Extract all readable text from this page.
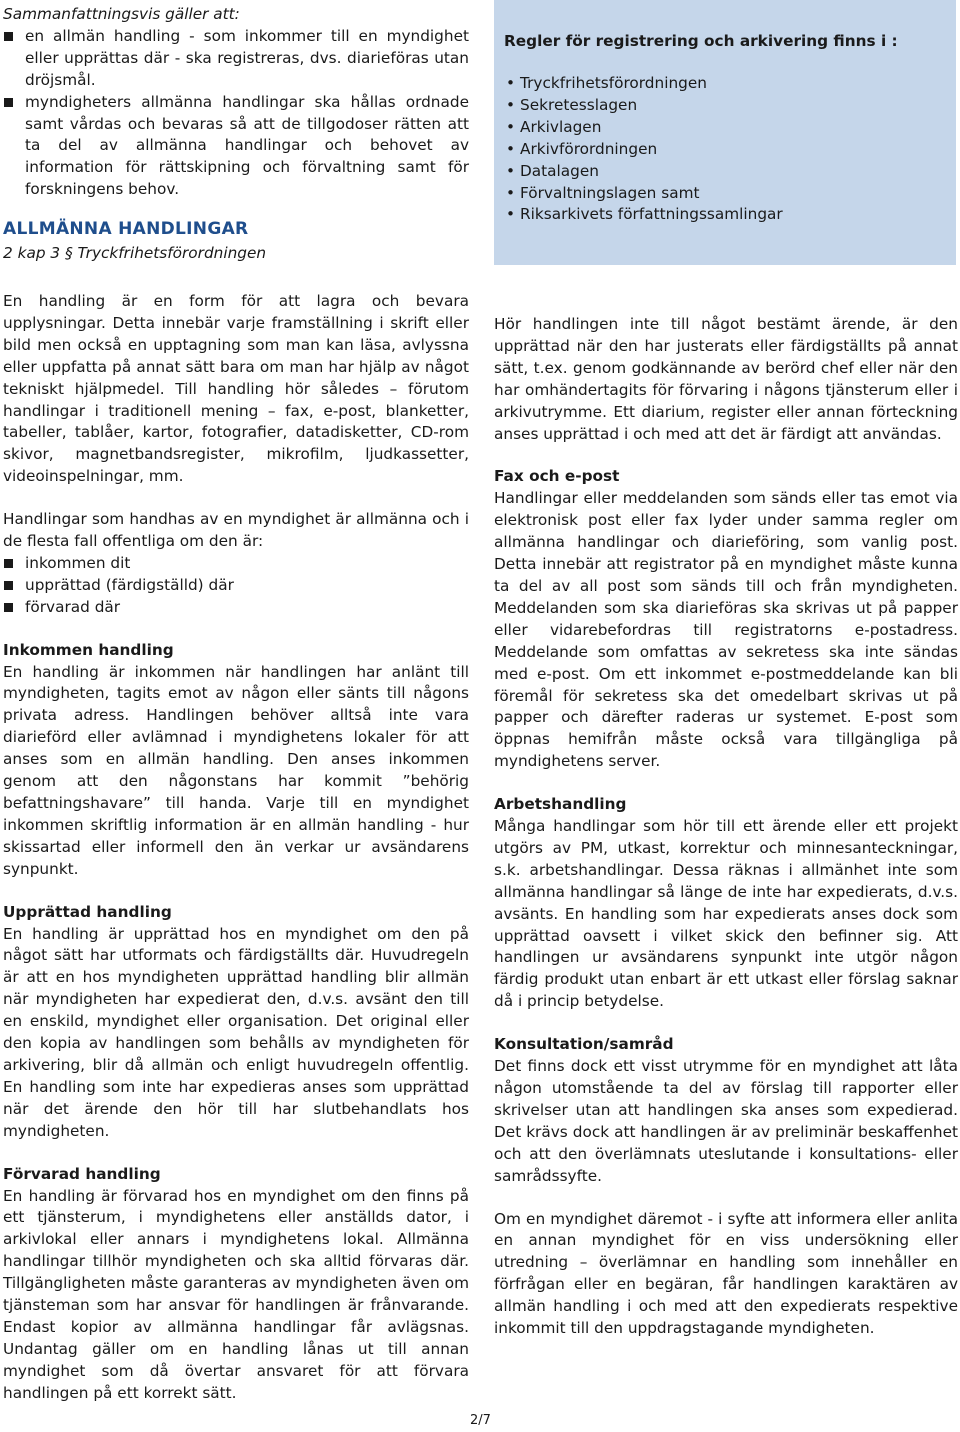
Sammanfattningsvis gäller att:

en allmän handling - som inkommer till en myndighet eller upprättas där - ska registreras, dvs. diarieföras utan dröjsmål.
myndigheters allmänna handlingar ska hållas ordnade samt vårdas och bevaras så att de tillgodoser rätten att ta del av allmänna handlingar och behovet av information för rättskipning och förvaltning samt för forskningens behov.
ALLMÄNNA HANDLINGAR
2 kap 3 § Tryckfrihetsförordningen

En handling är en form för att lagra och bevara upplysningar. Detta innebär varje framställning i skrift eller bild men också en upptagning som man kan läsa, avlyssna eller uppfatta på annat sätt bara om man har hjälp av något tekniskt hjälpmedel. Till handling hör således – förutom handlingar i traditionell mening – fax, e-post, blanketter, tabeller, tablåer, kartor, fotografier, datadisketter, CD-rom skivor, magnetbandsregister, mikrofilm, ljudkassetter, videoinspelningar, mm.

Handlingar som handhas av en myndighet är allmänna och i de flesta fall offentliga om den är:

inkommen dit
upprättad (färdigställd) där
förvarad där

Inkommen handling

En handling är inkommen när handlingen har anlänt till myndigheten, tagits emot av någon eller sänts till någons privata adress. Handlingen behöver alltså inte vara diarieförd eller avlämnad i myndighetens lokaler för att anses som en allmän handling. Den anses inkommen genom att den någonstans har kommit ”behörig befattningshavare” till handa. Varje till en myndighet inkommen skriftlig information är en allmän handling - hur skissartad eller informell den än verkar ur avsändarens synpunkt.

Upprättad handling

En handling är upprättad hos en myndighet om den på något sätt har utformats och färdigställts där. Huvudregeln är att en hos myndigheten upprättad handling blir allmän när myndigheten har expedierat den, d.v.s. avsänt den till en enskild, myndighet eller organisation. Det original eller den kopia av handlingen som behålls av myndigheten för arkivering, blir då allmän och enligt huvudregeln offentlig. En handling som inte har expedieras anses som upprättad när det ärende den hör till har slutbehandlats hos myndigheten.

Förvarad handling

En handling är förvarad hos en myndighet om den finns på ett tjänsterum, i myndighetens eller anställds dator, i arkivlokal eller annars i myndighetens lokal. Allmänna handlingar tillhör myndigheten och ska alltid förvaras där. Tillgängligheten måste garanteras av myndigheten även om tjänsteman som har ansvar för handlingen är frånvarande. Endast kopior av allmänna handlingar får avlägsnas. Undantag gäller om en handling lånas ut till annan myndighet som då övertar ansvaret för att förvara handlingen på ett korrekt sätt.

Regler för registrering och arkivering finns i :
• Tryckfrihetsförordningen
• Sekretesslagen
• Arkivlagen
• Arkivförordningen
• Datalagen
• Förvaltningslagen samt
• Riksarkivets författningssamlingar

Hör handlingen inte till något bestämt ärende, är den upprättad när den har justerats eller färdigställts på annat sätt, t.ex. genom godkännande av berörd chef eller när den har omhändertagits för förvaring i någons tjänsterum eller i arkivutrymme. Ett diarium, register eller annan förteckning anses upprättad i och med att det är färdigt att användas.

Fax och e-post

Handlingar eller meddelanden som sänds eller tas emot via elektronisk post eller fax lyder under samma regler om allmänna handlingar och diarieföring, som vanlig post. Detta innebär att registrator på en myndighet måste kunna ta del av all post som sänds till och från myndigheten. Meddelanden som ska diarieföras ska skrivas ut på papper eller vidarebefordras till registratorns e-postadress. Meddelande som omfattas av sekretess ska inte sändas med e-post. Om ett inkommet e-postmeddelande kan bli föremål för sekretess ska det omedelbart skrivas ut på papper och därefter raderas ur systemet. E-post som öppnas hemifrån måste också vara tillgängliga på myndighetens server.

Arbetshandling

Många handlingar som hör till ett ärende eller ett projekt utgörs av PM, utkast, korrektur och minnesanteckningar, s.k. arbetshandlingar. Dessa räknas i allmänhet inte som allmänna handlingar så länge de inte har expedierats, d.v.s. avsänts. En handling som har expedierats anses dock som upprättad oavsett i vilket skick den befinner sig. Att handlingen ur avsändarens synpunkt inte utgör någon färdig produkt utan enbart är ett utkast eller förslag saknar då i princip betydelse.

Konsultation/samråd

Det finns dock ett visst utrymme för en myndighet att låta någon utomstående ta del av förslag till rapporter eller skrivelser utan att handlingen ska anses som expedierad. Det krävs dock att handlingen är av preliminär beskaffenhet och att den överlämnats uteslutande i konsultations- eller samrådssyfte.

Om en myndighet däremot - i syfte att informera eller anlita en annan myndighet för en viss undersökning eller utredning – överlämnar en handling som innehåller en förfrågan eller en begäran, får handlingen karaktären av allmän handling i och med att den expedierats respektive inkommit till den uppdragstagande myndigheten.

2/7
